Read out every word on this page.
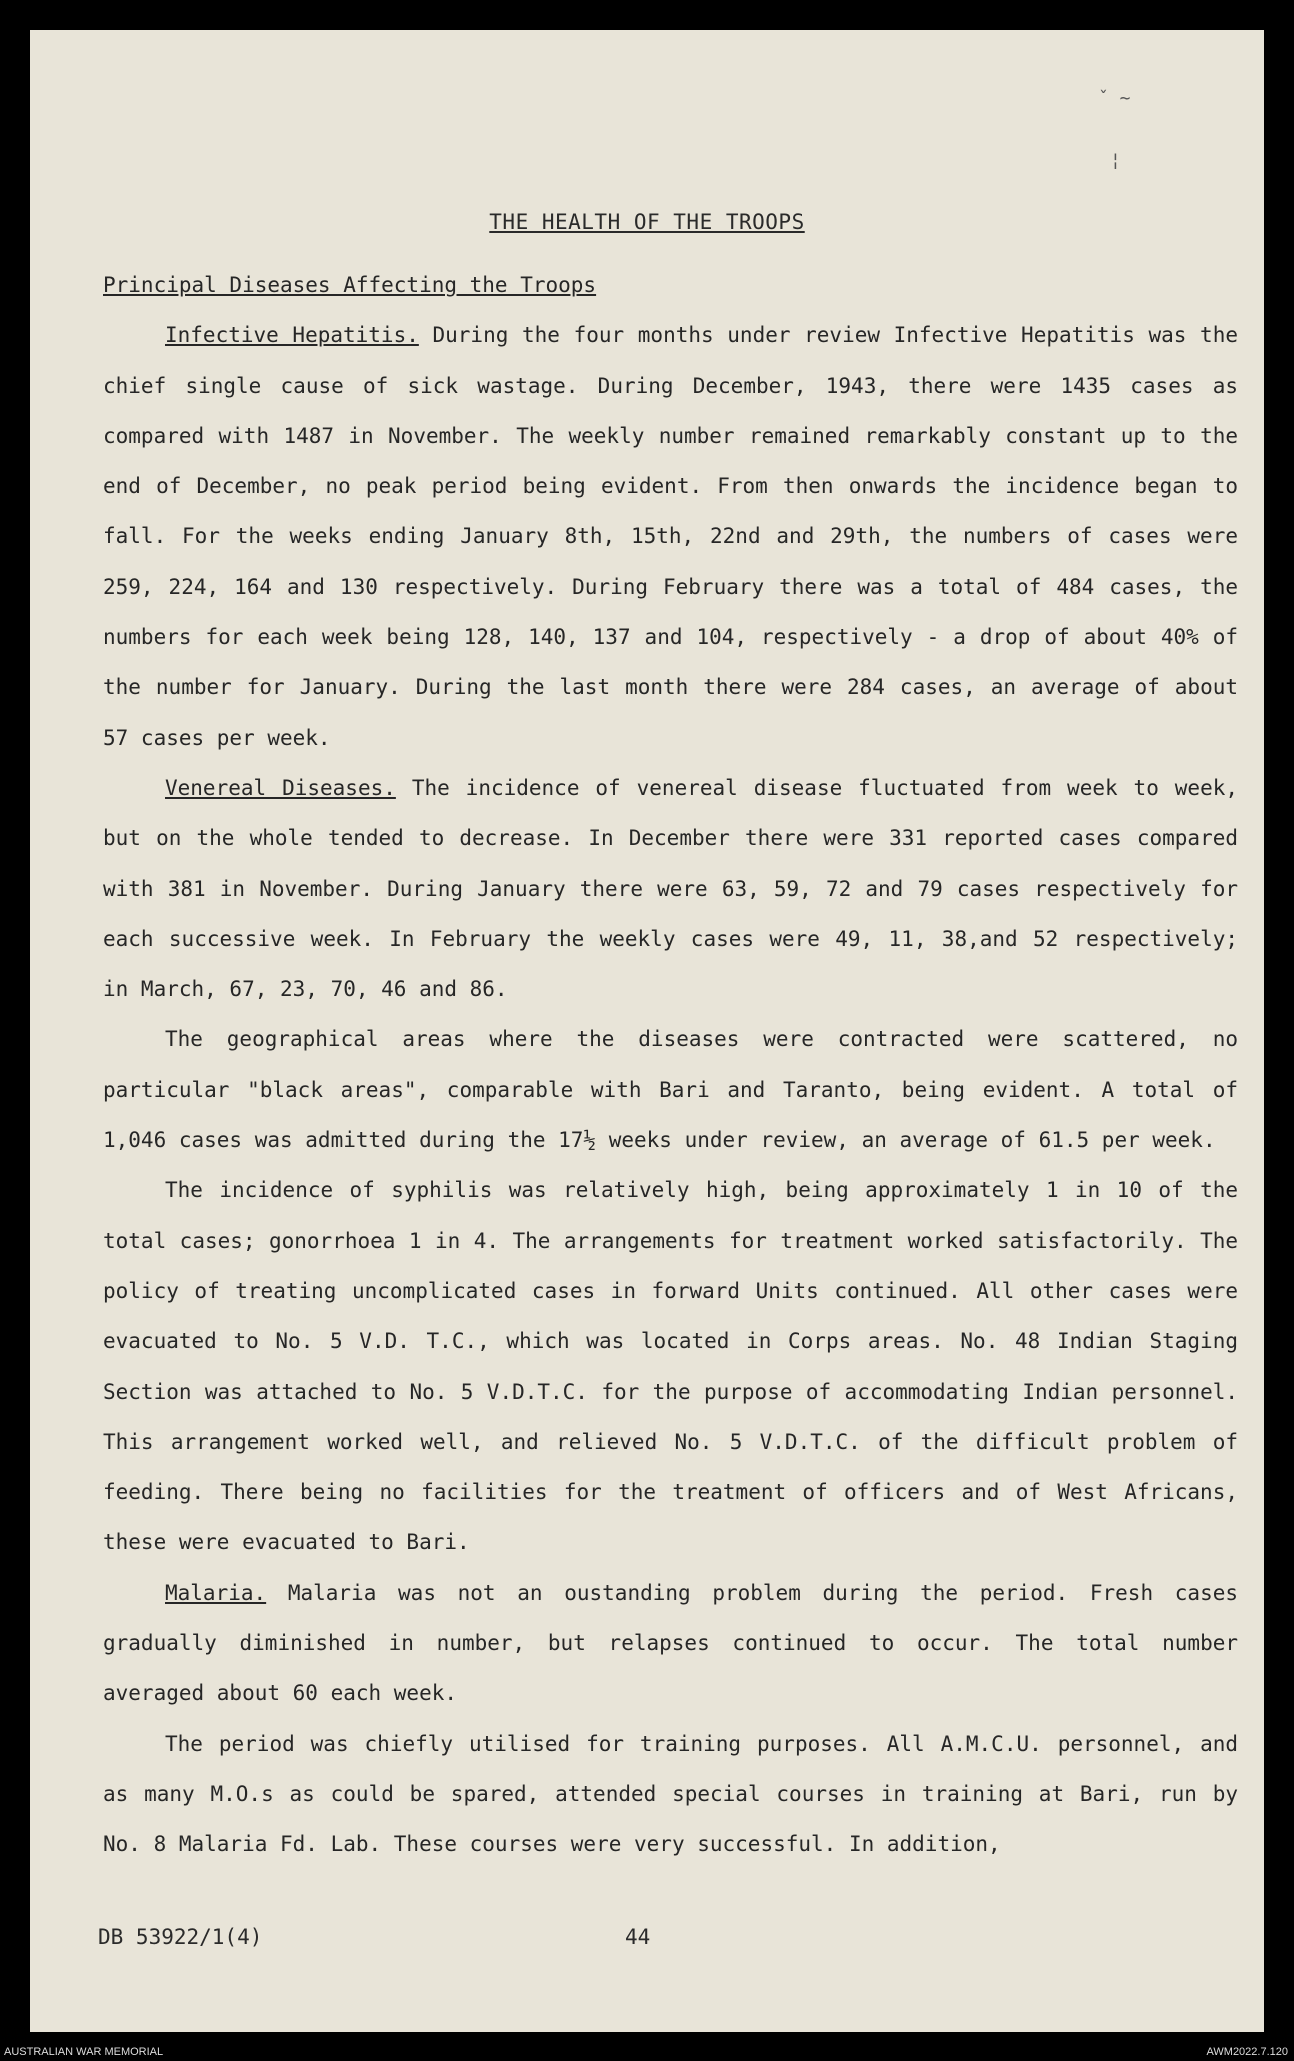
ˇ ~
¦
THE HEALTH OF THE TROOPS

Principal Diseases Affecting the Troops

Infective Hepatitis. During the four months under review Infective Hepatitis was the chief single cause of sick wastage. During December, 1943, there were 1435 cases as compared with 1487 in November. The weekly number remained remarkably constant up to the end of December, no peak period being evident. From then onwards the incidence began to fall. For the weeks ending January 8th, 15th, 22nd and 29th, the numbers of cases were 259, 224, 164 and 130 respectively. During February there was a total of 484 cases, the numbers for each week being 128, 140, 137 and 104, respectively - a drop of about 40% of the number for January. During the last month there were 284 cases, an average of about 57 cases per week.

Venereal Diseases. The incidence of venereal disease fluctuated from week to week, but on the whole tended to decrease. In December there were 331 reported cases compared with 381 in November. During January there were 63, 59, 72 and 79 cases respectively for each successive week. In February the weekly cases were 49, 11, 38,and 52 respectively; in March, 67, 23, 70, 46 and 86.

The geographical areas where the diseases were contracted were scattered, no particular "black areas", comparable with Bari and Taranto, being evident. A total of 1,046 cases was admitted during the 17½ weeks under review, an average of 61.5 per week.

The incidence of syphilis was relatively high, being approximately 1 in 10 of the total cases; gonorrhoea 1 in 4. The arrangements for treatment worked satisfactorily. The policy of treating uncomplicated cases in forward Units continued. All other cases were evacuated to No. 5 V.D. T.C., which was located in Corps areas. No. 48 Indian Staging Section was attached to No. 5 V.D.T.C. for the purpose of accommodating Indian personnel. This arrangement worked well, and relieved No. 5 V.D.T.C. of the difficult problem of feeding. There being no facilities for the treatment of officers and of West Africans, these were evacuated to Bari.

Malaria. Malaria was not an oustanding problem during the period. Fresh cases gradually diminished in number, but relapses continued to occur. The total number averaged about 60 each week.

The period was chiefly utilised for training purposes. All A.M.C.U. personnel, and as many M.O.s as could be spared, attended special courses in training at Bari, run by No. 8 Malaria Fd. Lab. These courses were very successful. In addition,

DB 53922/1(4)	44
AUSTRALIAN WAR MEMORIAL	AWM2022.7.120
